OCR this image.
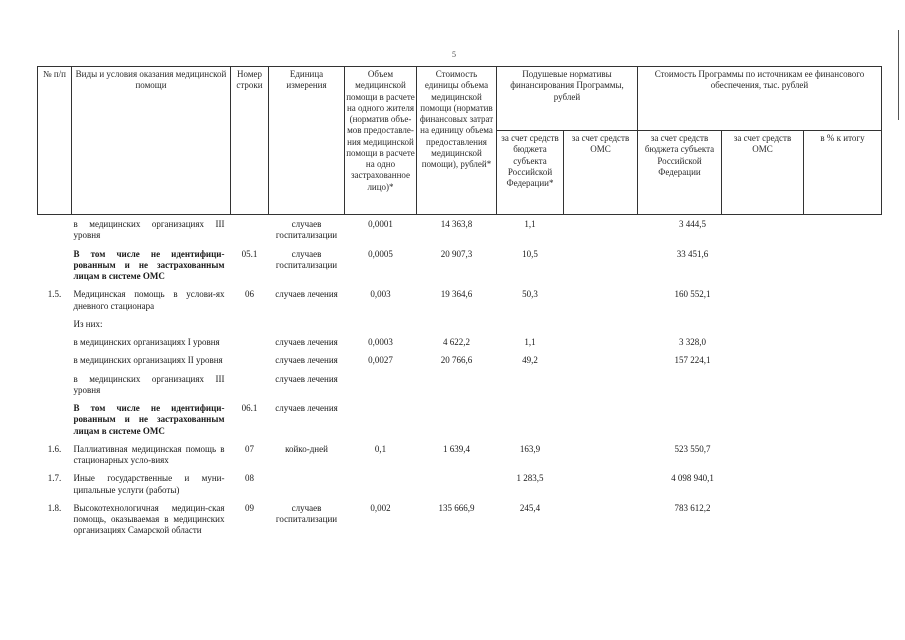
5
№ п/п	Виды и условия оказания медицинской помощи	Номер строки	Единица измерения	Объем медицинской помощи в расчете на одного жителя (норматив объе-мов предоставле-ния медицинской помощи в расчете на одно застрахованное лицо)*	Стоимость единицы объема медицинской помощи (норматив финансовых затрат на единицу объема предоставления медицинской помощи), рублей*	Подушевые нормативы финансирования Программы, рублей		Стоимость Программы по источникам ее финансового обеспечения, тыс. рублей		
						за счет средств бюджета субъекта Российской Федерации*	за счет средств ОМС	за счет средств бюджета субъекта Российской Федерации	за счет средств ОМС	в % к итогу
	в медицинских организациях III уровня		случаев госпитализации	0,0001	14 363,8	1,1		3 444,5		
	В том числе не идентифици-рованным и не застрахованным лицам в системе ОМС	05.1	случаев госпитализации	0,0005	20 907,3	10,5		33 451,6		
1.5.	Медицинская помощь в услови-ях дневного стационара	06	случаев лечения	0,003	19 364,6	50,3		160 552,1		
	Из них:									
	в медицинских организациях I уровня		случаев лечения	0,0003	4 622,2	1,1		3 328,0		
	в медицинских организациях II уровня		случаев лечения	0,0027	20 766,6	49,2		157 224,1		
	в медицинских организациях III уровня		случаев лечения							
	В том числе не идентифици-рованным и не застрахованным лицам в системе ОМС	06.1	случаев лечения							
1.6.	Паллиативная медицинская помощь в стационарных усло-виях	07	койко-дней	0,1	1 639,4	163,9		523 550,7		
1.7.	Иные государственные и муни-ципальные услуги (работы)	08				1 283,5		4 098 940,1		
1.8.	Высокотехнологичная медицин-ская помощь, оказываемая в медицинских организациях Самарской области	09	случаев госпитализации	0,002	135 666,9	245,4		783 612,2		
